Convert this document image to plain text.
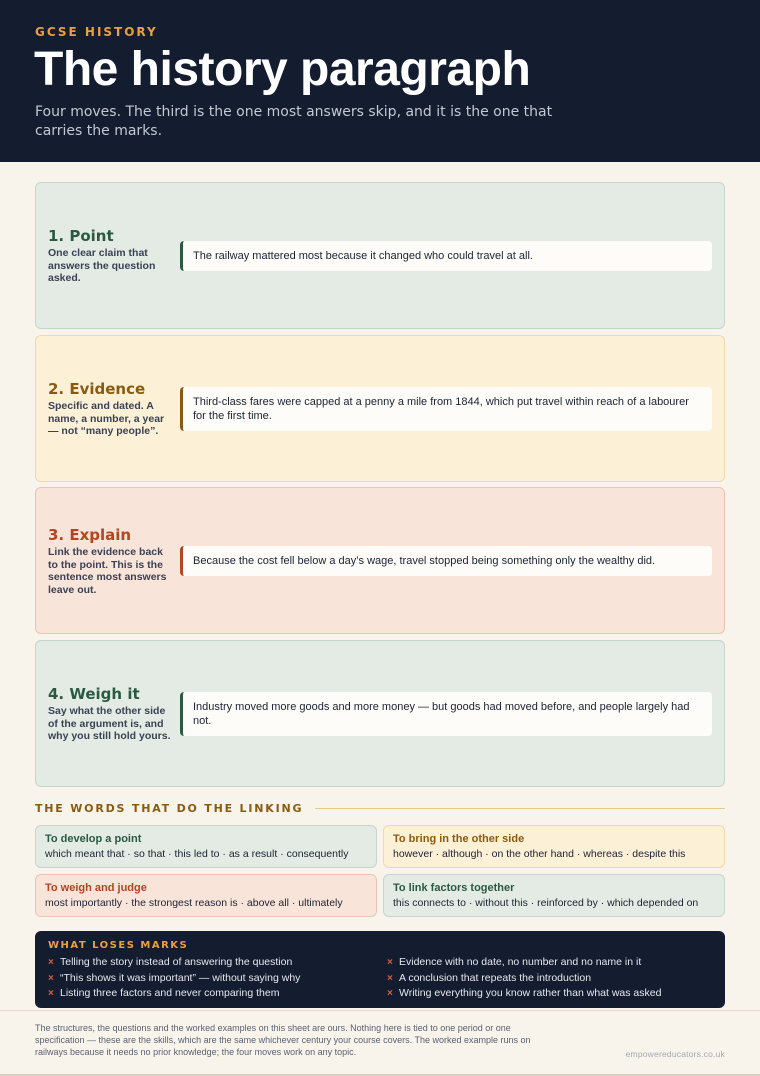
GCSE HISTORY
The history paragraph

Four moves. The third is the one most answers skip, and it is the one that carries the marks.

1. Point
One clear claim that answers the question asked.
The railway mattered most because it changed who could travel at all.
2. Evidence
Specific and dated. A name, a number, a year — not “many people”.
Third-class fares were capped at a penny a mile from 1844, which put travel within reach of a labourer for the first time.
3. Explain
Link the evidence back to the point. This is the sentence most answers leave out.
Because the cost fell below a day’s wage, travel stopped being something only the wealthy did.
4. Weigh it
Say what the other side of the argument is, and why you still hold yours.
Industry moved more goods and more money — but goods had moved before, and people largely had not.
THE WORDS THAT DO THE LINKING
To develop a point
which meant that · so that · this led to · as a result · consequently
To bring in the other side
however · although · on the other hand · whereas · despite this
To weigh and judge
most importantly · the strongest reason is · above all · ultimately
To link factors together
this connects to · without this · reinforced by · which depended on
WHAT LOSES MARKS
× Telling the story instead of answering the question
× “This shows it was important” — without saying why
× Listing three factors and never comparing them
× Evidence with no date, no number and no name in it
× A conclusion that repeats the introduction
× Writing everything you know rather than what was asked

The structures, the questions and the worked examples on this sheet are ours. Nothing here is tied to one period or one specification — these are the skills, which are the same whichever century your course covers. The worked example runs on railways because it needs no prior knowledge; the four moves work on any topic.	empowereducators.co.uk
